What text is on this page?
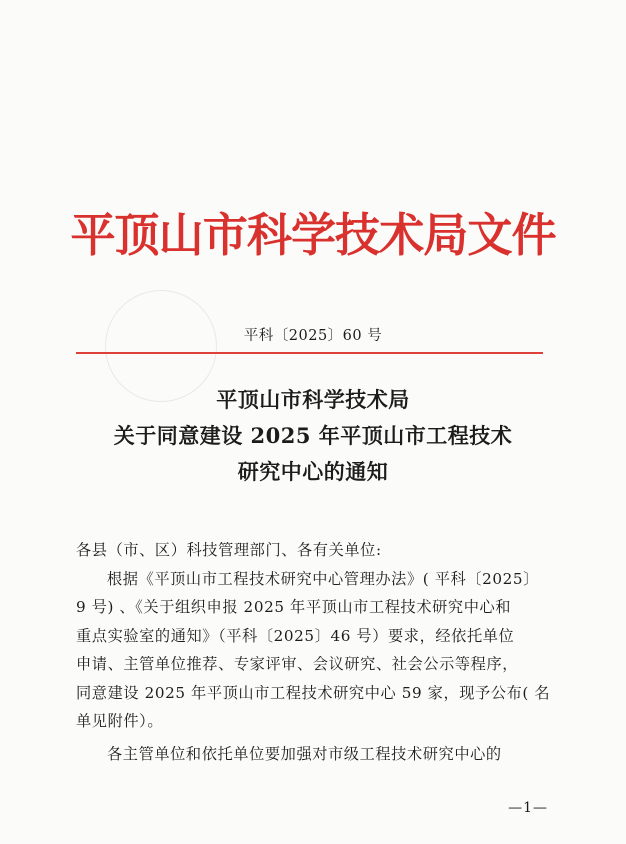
平顶山市科学技术局文件
平科〔2025〕60 号
平顶山市科学技术局
关于同意建设 2025 年平顶山市工程技术
研究中心的通知

各县（市、区）科技管理部门、各有关单位:

根据《平顶山市工程技术研究中心管理办法》( 平科〔2025〕

9 号) 、《关于组织申报 2025 年平顶山市工程技术研究中心和

重点实验室的通知》（平科〔2025〕46 号）要求，经依托单位

申请、主管单位推荐、专家评审、会议研究、社会公示等程序，

同意建设 2025 年平顶山市工程技术研究中心 59 家，现予公布( 名

单见附件）。

各主管单位和依托单位要加强对市级工程技术研究中心的

—1—
